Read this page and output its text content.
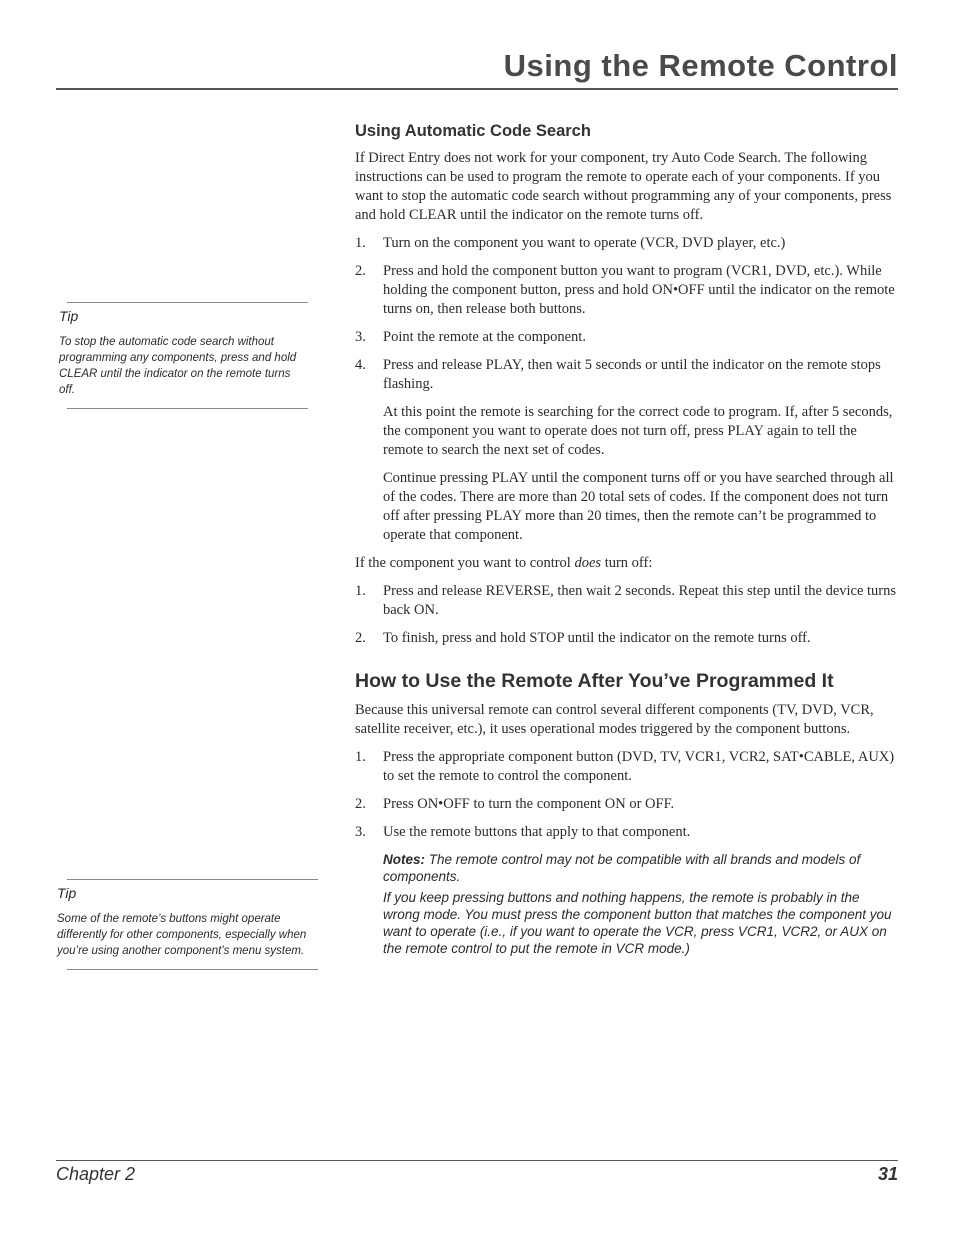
Using the Remote Control
Tip

To stop the automatic code search without programming any components, press and hold CLEAR until the indicator on the remote turns off.

Tip

Some of the remote’s buttons might operate differently for other components, especially when you’re using another component’s menu system.

Using Automatic Code Search

If Direct Entry does not work for your component, try Auto Code Search. The following instructions can be used to program the remote to operate each of your components. If you want to stop the automatic code search without programming any of your components, press and hold CLEAR until the indicator on the remote turns off.

1. Turn on the component you want to operate (VCR, DVD player, etc.)
2. Press and hold the component button you want to program (VCR1, DVD, etc.). While holding the component button, press and hold ON•OFF until the indicator on the remote turns on, then release both buttons.
3. Point the remote at the component.
4. Press and release PLAY, then wait 5 seconds or until the indicator on the remote stops flashing.

At this point the remote is searching for the correct code to program. If, after 5 seconds, the component you want to operate does not turn off, press PLAY again to tell the remote to search the next set of codes.

Continue pressing PLAY until the component turns off or you have searched through all of the codes. There are more than 20 total sets of codes. If the component does not turn off after pressing PLAY more than 20 times, then the remote can’t be programmed to operate that component.

If the component you want to control does turn off:

1. Press and release REVERSE, then wait 2 seconds. Repeat this step until the device turns back ON.
2. To finish, press and hold STOP until the indicator on the remote turns off.
How to Use the Remote After You’ve Programmed It

Because this universal remote can control several different components (TV, DVD, VCR, satellite receiver, etc.), it uses operational modes triggered by the component buttons.

1. Press the appropriate component button (DVD, TV, VCR1, VCR2, SAT•CABLE, AUX) to set the remote to control the component.
2. Press ON•OFF to turn the component ON or OFF.
3. Use the remote buttons that apply to that component.

Notes: The remote control may not be compatible with all brands and models of components.

If you keep pressing buttons and nothing happens, the remote is probably in the wrong mode. You must press the component button that matches the component you want to operate (i.e., if you want to operate the VCR, press VCR1, VCR2, or AUX on the remote control to put the remote in VCR mode.)

Chapter 2	31
